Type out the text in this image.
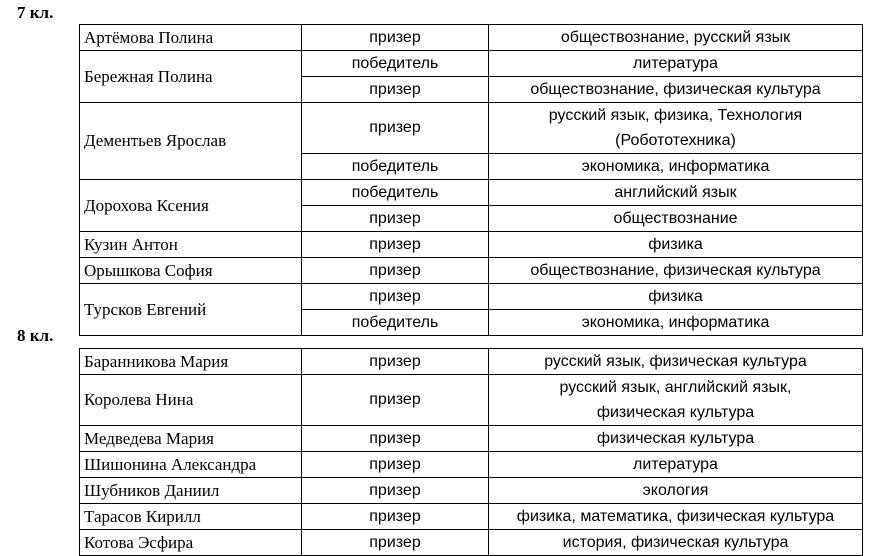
7 кл.
Артёмова Полина	призер	обществознание, русский язык
Бережная Полина	победитель	литература
	призер	обществознание, физическая культура
Дементьев Ярослав	призер	русский язык, физика, Технология (Робототехника)
	победитель	экономика, информатика
Дорохова Ксения	победитель	английский язык
	призер	обществознание
Кузин Антон	призер	физика
Орышкова София	призер	обществознание, физическая культура
Турсков Евгений	призер	физика
	победитель	экономика, информатика
8 кл.
Баранникова Мария	призер	русский язык, физическая культура
Королева Нина	призер	русский язык, английский язык, физическая культура
Медведева Мария	призер	физическая культура
Шишонина Александра	призер	литература
Шубников Даниил	призер	экология
Тарасов Кирилл	призер	физика, математика, физическая культура
Котова Эсфира	призер	история, физическая культура
